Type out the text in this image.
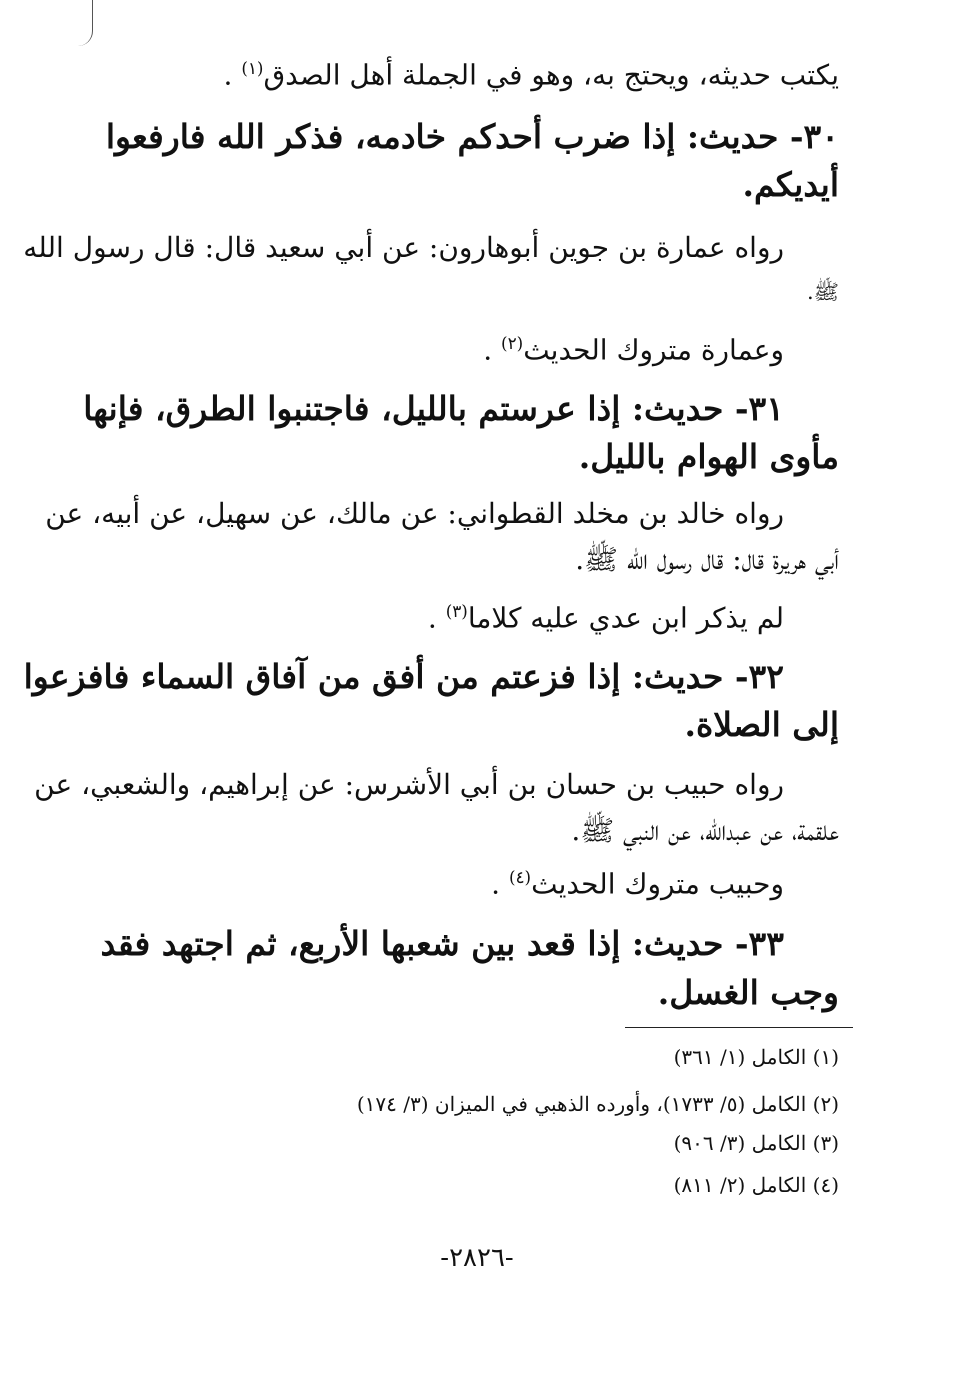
يكتب حديثه، ويحتج به، وهو في الجملة أهل الصدق$^{(١)}$ .
٣٠- حديث: إذا ضرب أحدكم خادمه، فذكر الله فارفعوا
أيديكم.
رواه عمارة بن جوين أبوهارون: عن أبي سعيد قال: قال رسول الله
ﷺ.
وعمارة متروك الحديث$^{(٢)}$ .
٣١- حديث: إذا عرستم بالليل، فاجتنبوا الطرق، فإنها
مأوى الهوام بالليل.
رواه خالد بن مخلد القطواني: عن مالك، عن سهيل، عن أبيه، عن
أبي هريرة قال: قال رسول الله ﷺ.
لم يذكر ابن عدي عليه كلاما$^{(٣)}$ .
٣٢- حديث: إذا فزعتم من أفق من آفاق السماء فافزعوا
إلى الصلاة.
رواه حبيب بن حسان بن أبي الأشرس: عن إبراهيم، والشعبي، عن
علقمة، عن عبدالله، عن النبي ﷺ.
وحبيب متروك الحديث$^{(٤)}$ .
٣٣- حديث: إذا قعد بين شعبها الأربع، ثم اجتهد فقد
وجب الغسل.
(١) الكامل (١/ ٣٦١)
(٢) الكامل (٥/ ١٧٣٣)، وأورده الذهبي في الميزان (٣/ ١٧٤)
(٣) الكامل (٣/ ٩٠٦)
(٤) الكامل (٢/ ٨١١)
-٢٨٢٦-
